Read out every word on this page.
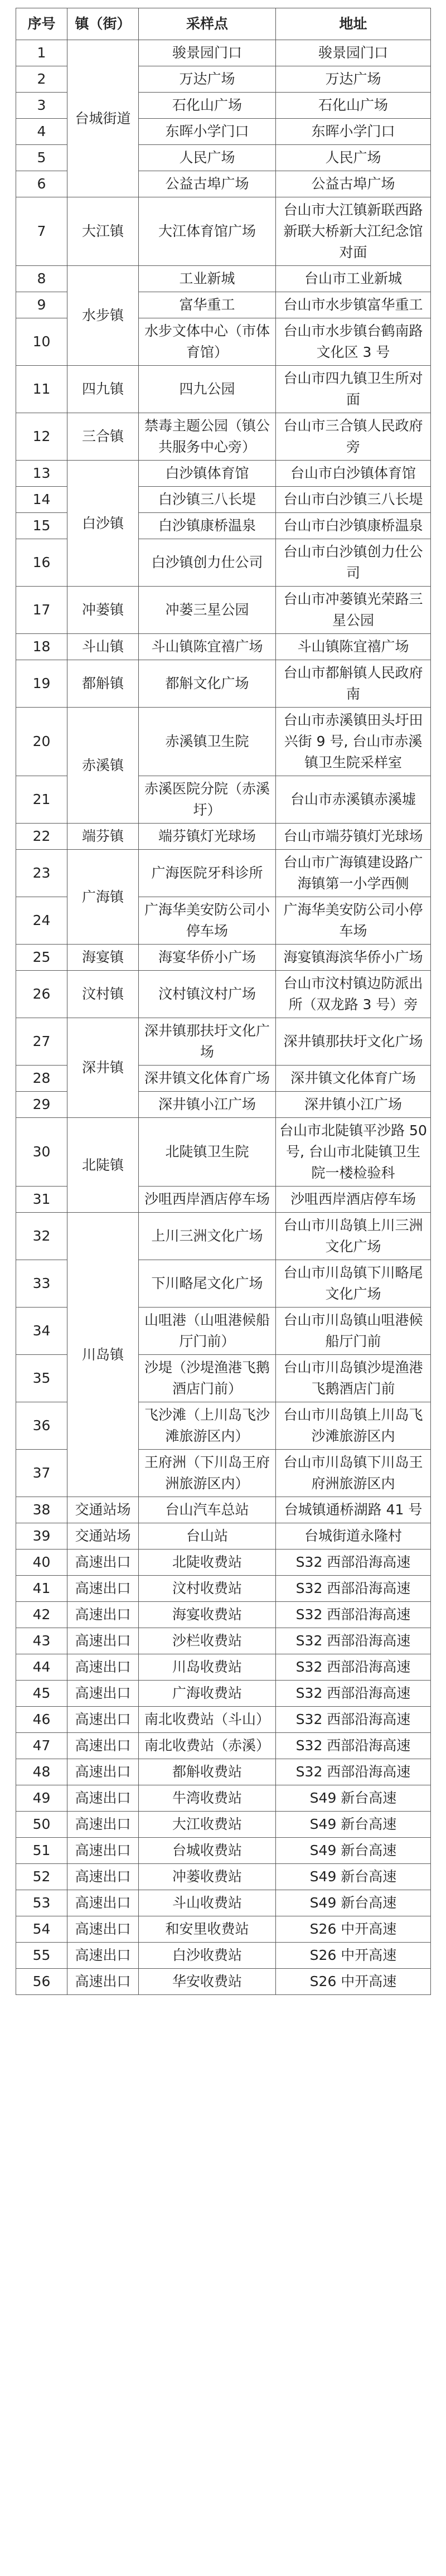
序号	镇（街）	采样点	地址
1	台城街道	骏景园门口	骏景园门口
2		万达广场	万达广场
3		石化山广场	石化山广场
4		东晖小学门口	东晖小学门口
5		人民广场	人民广场
6		公益古埠广场	公益古埠广场
7	大江镇	大江体育馆广场	台山市大江镇新联西路新联大桥新大江纪念馆对面
8	水步镇	工业新城	台山市工业新城
9		富华重工	台山市水步镇富华重工
10		水步文体中心（市体育馆）	台山市水步镇台鹤南路文化区 3 号
11	四九镇	四九公园	台山市四九镇卫生所对面
12	三合镇	禁毒主题公园（镇公共服务中心旁）	台山市三合镇人民政府旁
13	白沙镇	白沙镇体育馆	台山市白沙镇体育馆
14		白沙镇三八长堤	台山市白沙镇三八长堤
15		白沙镇康桥温泉	台山市白沙镇康桥温泉
16		白沙镇创力仕公司	台山市白沙镇创力仕公司
17	冲蒌镇	冲蒌三星公园	台山市冲蒌镇光荣路三星公园
18	斗山镇	斗山镇陈宜禧广场	斗山镇陈宜禧广场
19	都斛镇	都斛文化广场	台山市都斛镇人民政府南
20	赤溪镇	赤溪镇卫生院	台山市赤溪镇田头圩田兴街 9 号, 台山市赤溪镇卫生院采样室
21		赤溪医院分院（赤溪圩）	台山市赤溪镇赤溪墟
22	端芬镇	端芬镇灯光球场	台山市端芬镇灯光球场
23	广海镇	广海医院牙科诊所	台山市广海镇建设路广海镇第一小学西侧
24		广海华美安防公司小停车场	广海华美安防公司小停车场
25	海宴镇	海宴华侨小广场	海宴镇海滨华侨小广场
26	汶村镇	汶村镇汶村广场	台山市汶村镇边防派出所（双龙路 3 号）旁
27	深井镇	深井镇那扶圩文化广场	深井镇那扶圩文化广场
28		深井镇文化体育广场	深井镇文化体育广场
29		深井镇小江广场	深井镇小江广场
30	北陡镇	北陡镇卫生院	台山市北陡镇平沙路 50 号, 台山市北陡镇卫生院一楼检验科
31		沙咀西岸酒店停车场	沙咀西岸酒店停车场
32	川岛镇	上川三洲文化广场	台山市川岛镇上川三洲文化广场
33		下川略尾文化广场	台山市川岛镇下川略尾文化广场
34		山咀港（山咀港候船厅门前）	台山市川岛镇山咀港候船厅门前
35		沙堤（沙堤渔港飞鹅酒店门前）	台山市川岛镇沙堤渔港飞鹅酒店门前
36		飞沙滩（上川岛飞沙滩旅游区内）	台山市川岛镇上川岛飞沙滩旅游区内
37		王府洲（下川岛王府洲旅游区内）	台山市川岛镇下川岛王府洲旅游区内
38	交通站场	台山汽车总站	台城镇通桥湖路 41 号
39	交通站场	台山站	台城街道永隆村
40	高速出口	北陡收费站	S32 西部沿海高速
41	高速出口	汶村收费站	S32 西部沿海高速
42	高速出口	海宴收费站	S32 西部沿海高速
43	高速出口	沙栏收费站	S32 西部沿海高速
44	高速出口	川岛收费站	S32 西部沿海高速
45	高速出口	广海收费站	S32 西部沿海高速
46	高速出口	南北收费站（斗山）	S32 西部沿海高速
47	高速出口	南北收费站（赤溪）	S32 西部沿海高速
48	高速出口	都斛收费站	S32 西部沿海高速
49	高速出口	牛湾收费站	S49 新台高速
50	高速出口	大江收费站	S49 新台高速
51	高速出口	台城收费站	S49 新台高速
52	高速出口	冲蒌收费站	S49 新台高速
53	高速出口	斗山收费站	S49 新台高速
54	高速出口	和安里收费站	S26 中开高速
55	高速出口	白沙收费站	S26 中开高速
56	高速出口	华安收费站	S26 中开高速
